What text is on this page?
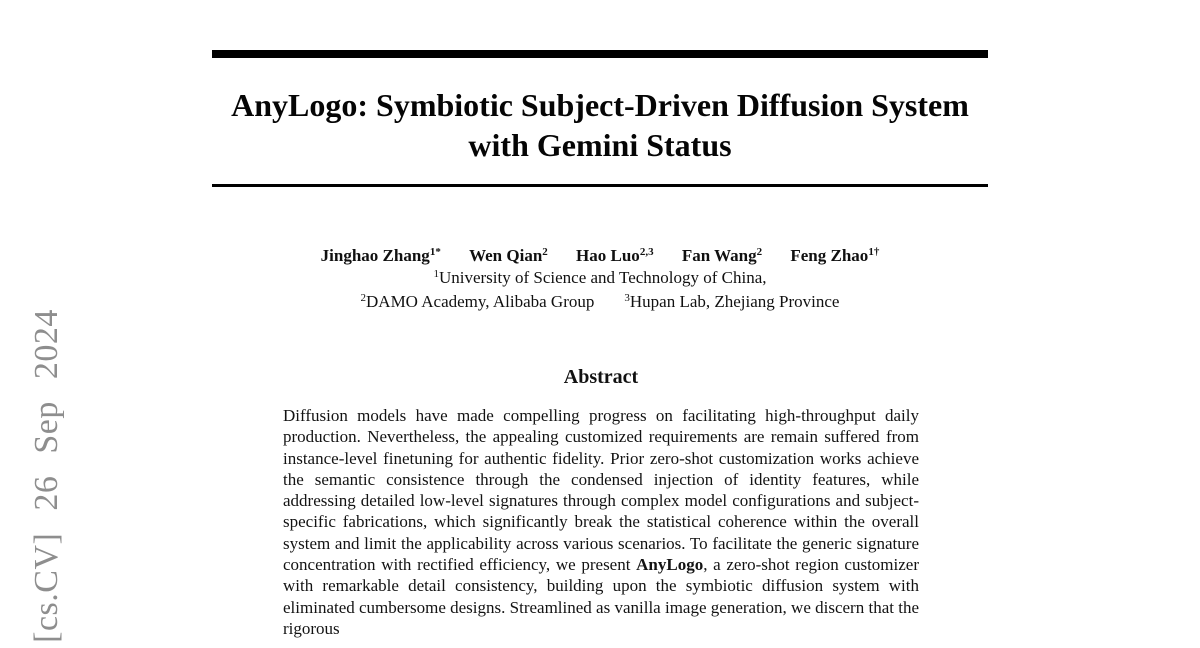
[cs.CV] 26 Sep 2024
AnyLogo: Symbiotic Subject-Driven Diffusion System
with Gemini Status
Jinghao Zhang$^{1*}$ Wen Qian$^2$ Hao Luo$^{2,3}$ Fan Wang$^2$ Feng Zhao$^{1\dagger}$
$^1$University of Science and Technology of China,
$^2$DAMO Academy, Alibaba Group	$^3$Hupan Lab, Zhejiang Province
Abstract
Diffusion models have made compelling progress on facilitating high-throughput daily production. Nevertheless, the appealing customized requirements are remain suffered from instance-level finetuning for authentic fidelity. Prior zero-shot customization works achieve the semantic consistence through the condensed injection of identity features, while addressing detailed low-level signatures through complex model configurations and subject-specific fabrications, which significantly break the statistical coherence within the overall system and limit the applicability across various scenarios. To facilitate the generic signature concentration with rectified efficiency, we present AnyLogo, a zero-shot region customizer with remarkable detail consistency, building upon the symbiotic diffusion system with eliminated cumbersome designs. Streamlined as vanilla image generation, we discern that the rigorous
